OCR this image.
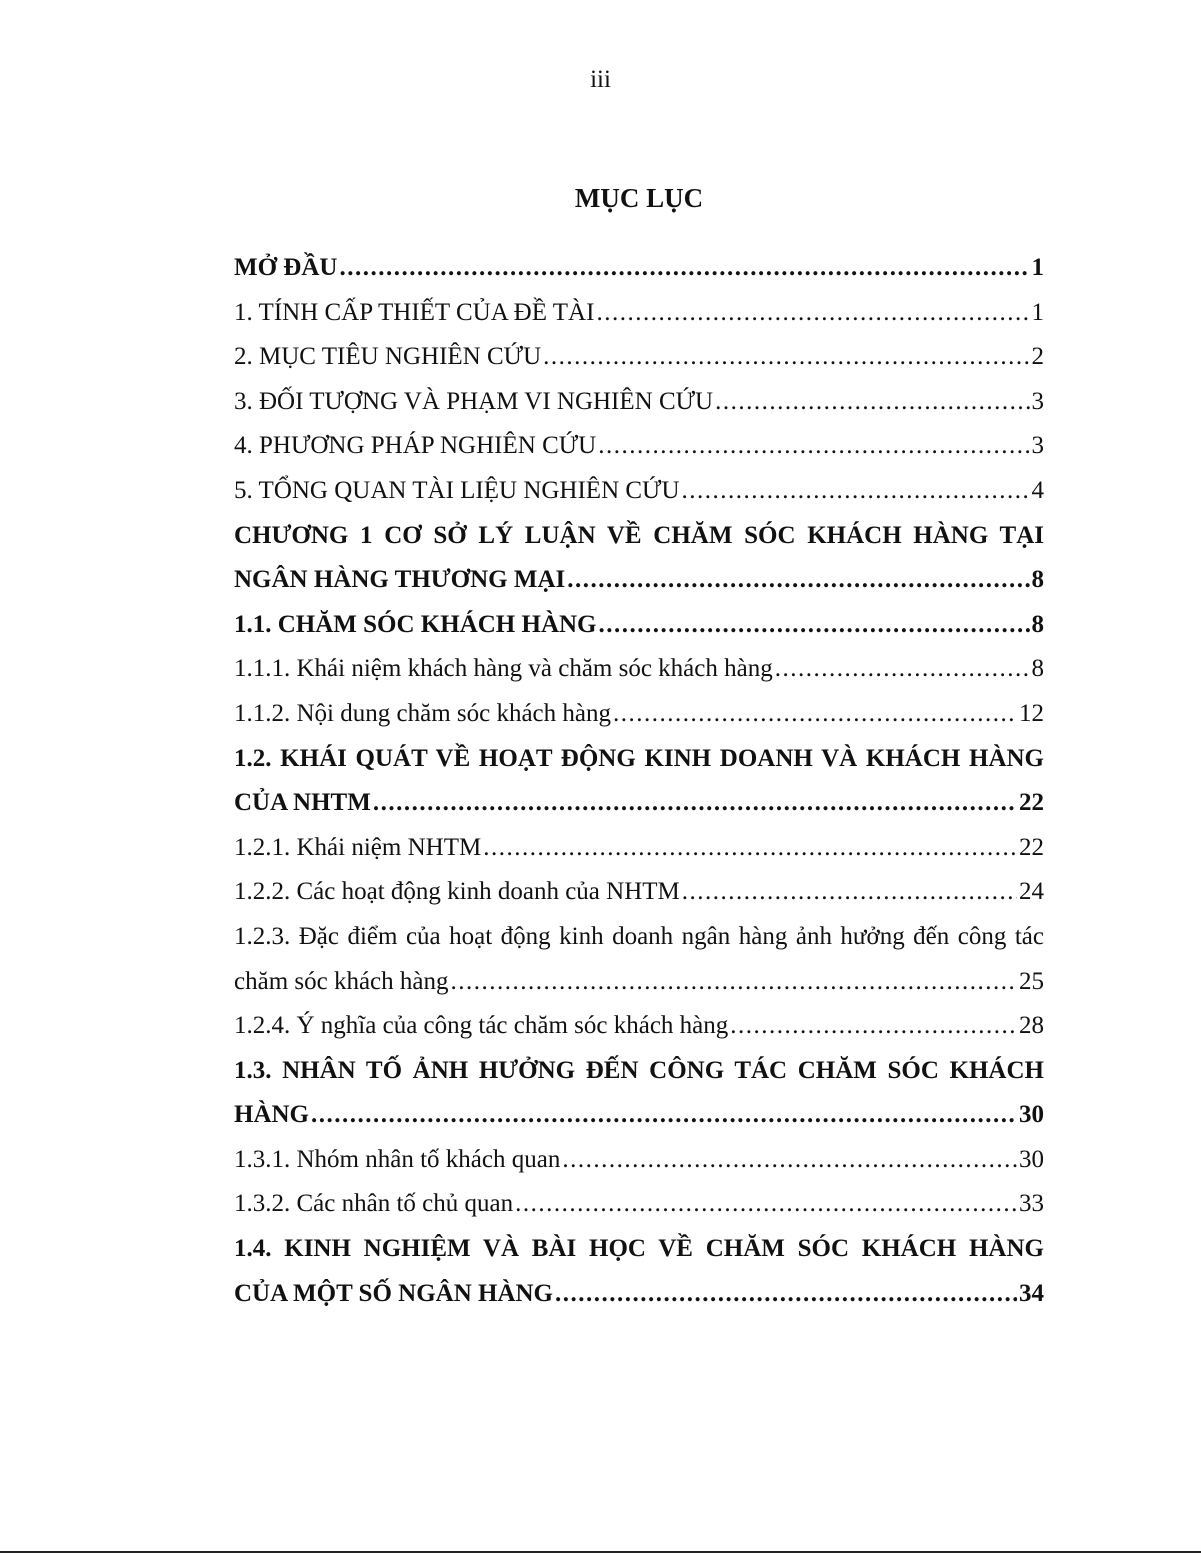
iii
MỤC LỤC
MỞ ĐẦU .....	1
1. TÍNH CẤP THIẾT CỦA ĐỀ TÀI .....	1
2. MỤC TIÊU NGHIÊN CỨU .....	2
3. ĐỐI TƯỢNG VÀ PHẠM VI NGHIÊN CỨU .....	3
4. PHƯƠNG PHÁP NGHIÊN CỨU .....	3
5. TỔNG QUAN TÀI LIỆU NGHIÊN CỨU .....	4
CHƯƠNG 1 CƠ SỞ LÝ LUẬN VỀ CHĂM SÓC KHÁCH HÀNG TẠI
NGÂN HÀNG THƯƠNG MẠI .....	8
1.1. CHĂM SÓC KHÁCH HÀNG .....	8
1.1.1. Khái niệm khách hàng và chăm sóc khách hàng .....	8
1.1.2. Nội dung chăm sóc khách hàng .....	12
1.2. KHÁI QUÁT VỀ HOẠT ĐỘNG KINH DOANH VÀ KHÁCH HÀNG
CỦA NHTM .....	22
1.2.1. Khái niệm NHTM .....	22
1.2.2. Các hoạt động kinh doanh của NHTM .....	24
1.2.3. Đặc điểm của hoạt động kinh doanh ngân hàng ảnh hưởng đến công tác
chăm sóc khách hàng .....	25
1.2.4. Ý nghĩa của công tác chăm sóc khách hàng .....	28
1.3. NHÂN TỐ ẢNH HƯỞNG ĐẾN CÔNG TÁC CHĂM SÓC KHÁCH
HÀNG .....	30
1.3.1. Nhóm nhân tố khách quan .....	30
1.3.2. Các nhân tố chủ quan .....	33
1.4. KINH NGHIỆM VÀ BÀI HỌC VỀ CHĂM SÓC KHÁCH HÀNG
CỦA MỘT SỐ NGÂN HÀNG .....	34
